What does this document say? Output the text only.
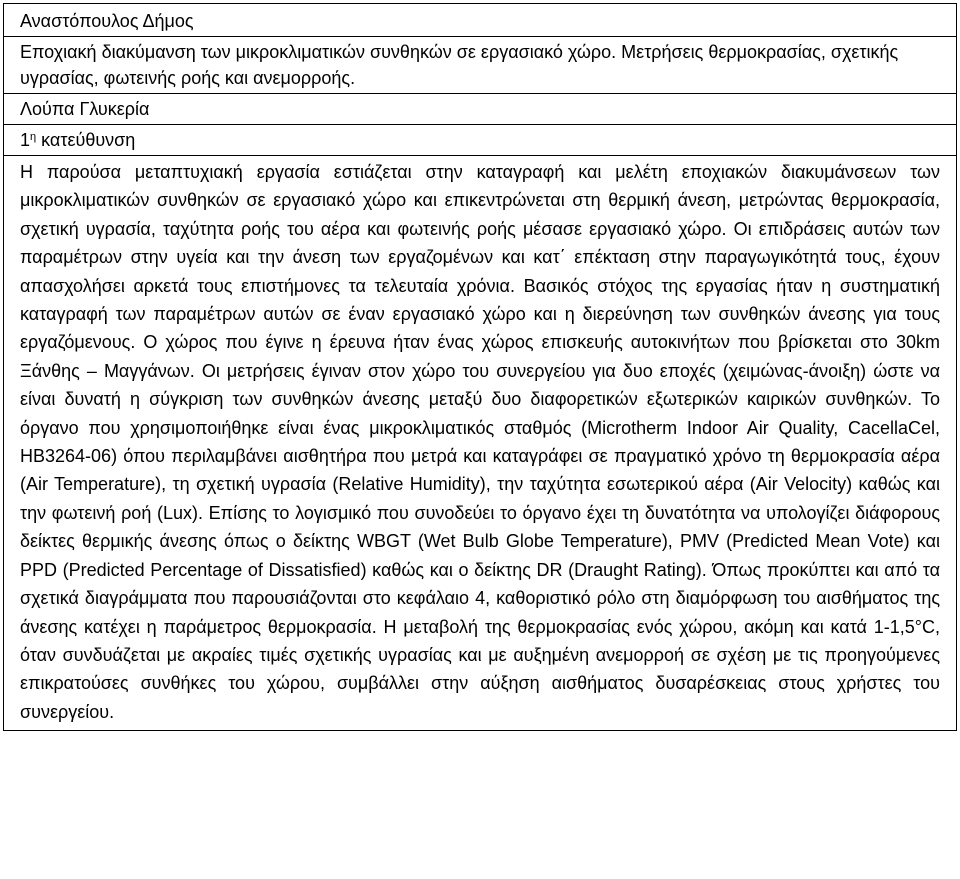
Αναστόπουλος Δήμος
Εποχιακή διακύμανση των μικροκλιματικών συνθηκών σε εργασιακό χώρο. Μετρήσεις θερμοκρασίας, σχετικής υγρασίας, φωτεινής ροής και ανεμορροής.
Λούπα Γλυκερία
$1^\eta$ κατεύθυνση
Η παρούσα μεταπτυχιακή εργασία εστιάζεται στην καταγραφή και μελέτη εποχιακών διακυμάνσεων των μικροκλιματικών συνθηκών σε εργασιακό χώρο και επικεντρώνεται στη θερμική άνεση, μετρώντας θερμοκρασία, σχετική υγρασία, ταχύτητα ροής του αέρα και φωτεινής ροής μέσασε εργασιακό χώρο. Οι επιδράσεις αυτών των παραμέτρων στην υγεία και την άνεση των εργαζομένων και κατ΄ επέκταση στην παραγωγικότητά τους, έχουν απασχολήσει αρκετά τους επιστήμονες τα τελευταία χρόνια. Βασικός στόχος της εργασίας ήταν η συστηματική καταγραφή των παραμέτρων αυτών σε έναν εργασιακό χώρο και η διερεύνηση των συνθηκών άνεσης για τους εργαζόμενους. Ο χώρος που έγινε η έρευνα ήταν ένας χώρος επισκευής αυτοκινήτων που βρίσκεται στο 30km Ξάνθης – Μαγγάνων. Οι μετρήσεις έγιναν στον χώρο του συνεργείου για δυο εποχές (χειμώνας-άνοιξη) ώστε να είναι δυνατή η σύγκριση των συνθηκών άνεσης μεταξύ δυο διαφορετικών εξωτερικών καιρικών συνθηκών. Το όργανο που χρησιμοποιήθηκε είναι ένας μικροκλιματικός σταθμός (Microtherm Indoor Air Quality, CacellaCel, HB3264-06) όπου περιλαμβάνει αισθητήρα που μετρά και καταγράφει σε πραγματικό χρόνο τη θερμοκρασία αέρα (Air Temperature), τη σχετική υγρασία (Relative Humidity), την ταχύτητα εσωτερικού αέρα (Air Velocity) καθώς και την φωτεινή ροή (Lux). Επίσης το λογισμικό που συνοδεύει το όργανο έχει τη δυνατότητα να υπολογίζει διάφορους δείκτες θερμικής άνεσης όπως ο δείκτης WBGT (Wet Bulb Globe Temperature), PMV (Predicted Mean Vote) και PPD (Predicted Percentage of Dissatisfied) καθώς και ο δείκτης DR (Draught Rating). Όπως προκύπτει και από τα σχετικά διαγράμματα που παρουσιάζονται στο κεφάλαιο 4, καθοριστικό ρόλο στη διαμόρφωση του αισθήματος της άνεσης κατέχει η παράμετρος θερμοκρασία. Η μεταβολή της θερμοκρασίας ενός χώρου, ακόμη και κατά 1-1,5°C, όταν συνδυάζεται με ακραίες τιμές σχετικής υγρασίας και με αυξημένη ανεμορροή σε σχέση με τις προηγούμενες επικρατούσες συνθήκες του χώρου, συμβάλλει στην αύξηση αισθήματος δυσαρέσκειας στους χρήστες του συνεργείου.
